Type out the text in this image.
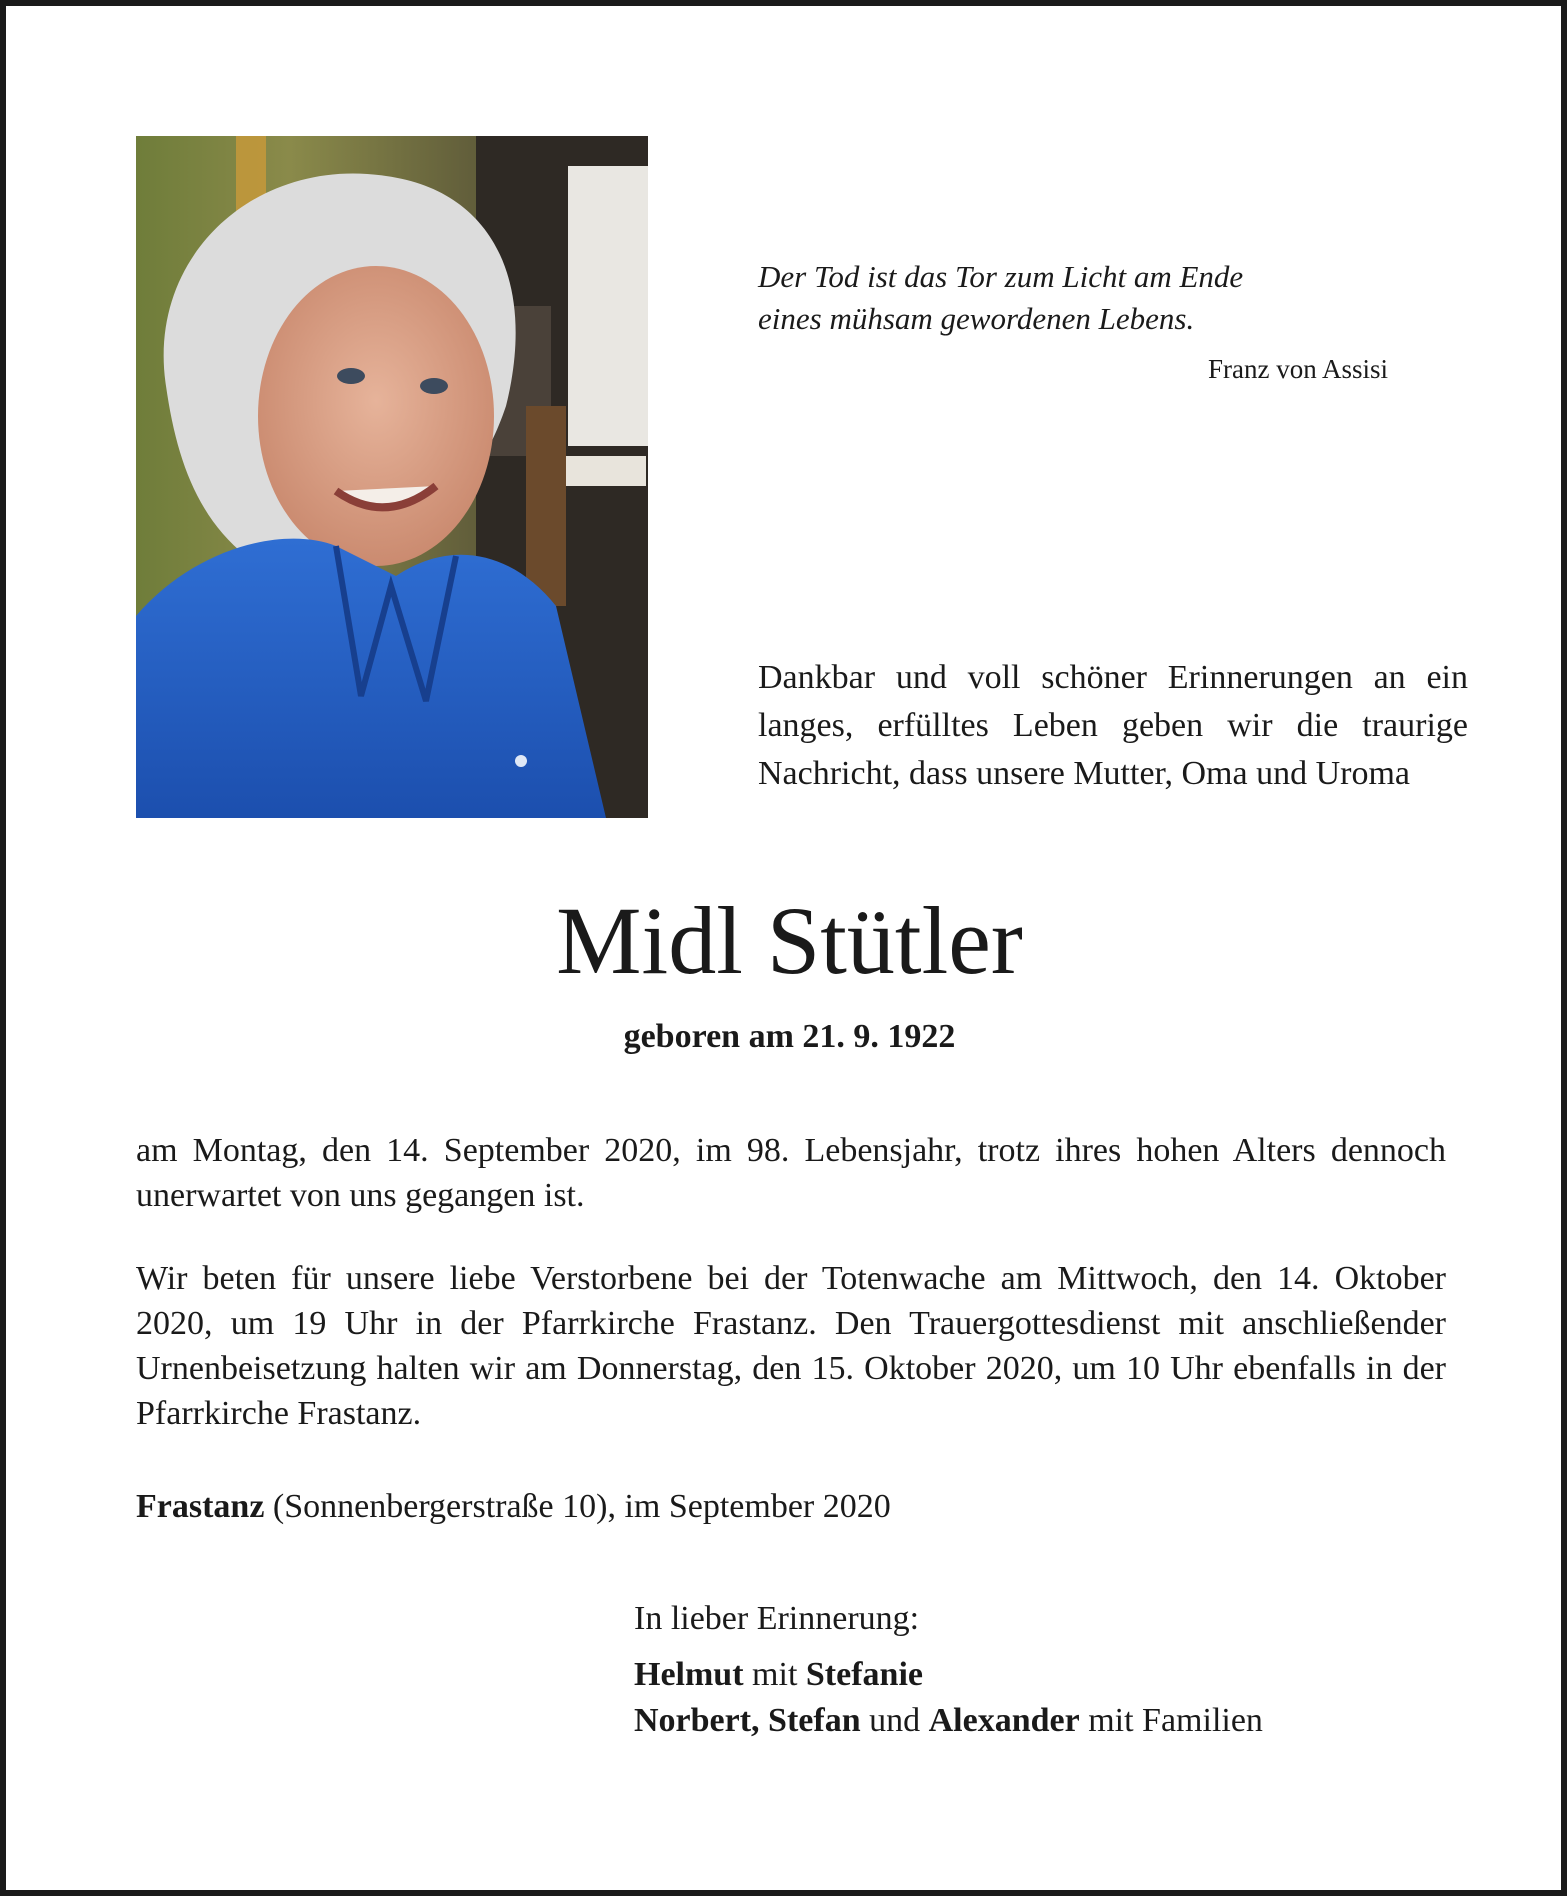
Der Tod ist das Tor zum Licht am Ende
eines mühsam gewordenen Lebens.
Franz von Assisi
Dankbar und voll schöner Erinnerungen an ein langes, erfülltes Leben geben wir die traurige Nachricht, dass unsere Mutter, Oma und Uroma
Midl Stütler
geboren am 21. 9. 1922
am Montag, den 14. September 2020, im 98. Lebensjahr, trotz ihres hohen Alters dennoch unerwartet von uns gegangen ist.
Wir beten für unsere liebe Verstorbene bei der Totenwache am Mittwoch, den 14. Oktober 2020, um 19 Uhr in der Pfarrkirche Frastanz. Den Trauergottesdienst mit anschließender Urnenbeisetzung halten wir am Donnerstag, den 15. Oktober 2020, um 10 Uhr ebenfalls in der Pfarrkirche Frastanz.
Frastanz (Sonnenbergerstraße 10), im September 2020
In lieber Erinnerung:
Helmut mit Stefanie
Norbert, Stefan und Alexander mit Familien
